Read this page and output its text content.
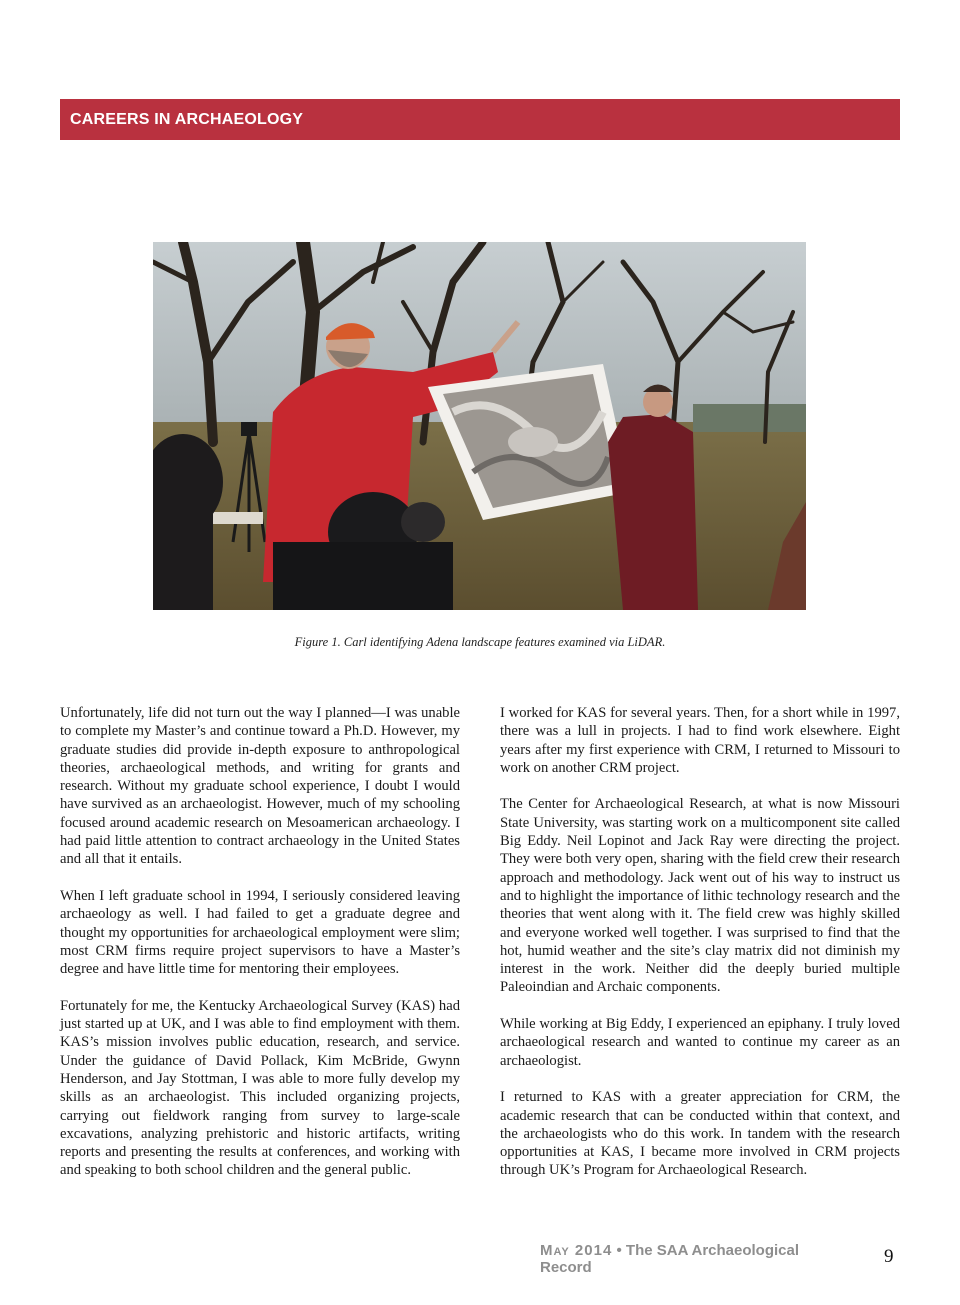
CAREERS IN ARCHAEOLOGY
Figure 1. Carl identifying Adena landscape features examined via LiDAR.

Unfortunately, life did not turn out the way I planned—I was unable to complete my Master’s and continue toward a Ph.D. However, my graduate studies did provide in-depth exposure to anthropological theories, archaeological methods, and writing for grants and research. Without my graduate school experience, I doubt I would have survived as an archaeologist. However, much of my schooling focused around academic research on Mesoamerican archaeology. I had paid little attention to contract archaeology in the United States and all that it entails.

When I left graduate school in 1994, I seriously considered leaving archaeology as well. I had failed to get a graduate degree and thought my opportunities for archaeological employment were slim; most CRM firms require project supervisors to have a Master’s degree and have little time for mentoring their employees.

Fortunately for me, the Kentucky Archaeological Survey (KAS) had just started up at UK, and I was able to find employment with them. KAS’s mission involves public education, research, and service. Under the guidance of David Pollack, Kim McBride, Gwynn Henderson, and Jay Stottman, I was able to more fully develop my skills as an archaeologist. This included organizing projects, carrying out fieldwork ranging from survey to large-scale excavations, analyzing prehistoric and historic artifacts, writing reports and presenting the results at conferences, and working with and speaking to both school children and the general public.

I worked for KAS for several years. Then, for a short while in 1997, there was a lull in projects. I had to find work elsewhere. Eight years after my first experience with CRM, I returned to Missouri to work on another CRM project.

The Center for Archaeological Research, at what is now Missouri State University, was starting work on a multicomponent site called Big Eddy. Neil Lopinot and Jack Ray were directing the project. They were both very open, sharing with the field crew their research approach and methodology. Jack went out of his way to instruct us and to highlight the importance of lithic technology research and the theories that went along with it. The field crew was highly skilled and everyone worked well together. I was surprised to find that the hot, humid weather and the site’s clay matrix did not diminish my interest in the work. Neither did the deeply buried multiple Paleoindian and Archaic components.

While working at Big Eddy, I experienced an epiphany. I truly loved archaeological research and wanted to continue my career as an archaeologist.

I returned to KAS with a greater appreciation for CRM, the academic research that can be conducted within that context, and the archaeologists who do this work. In tandem with the research opportunities at KAS, I became more involved in CRM projects through UK’s Program for Archaeological Research.

May 2014 • The SAA Archaeological Record
9
